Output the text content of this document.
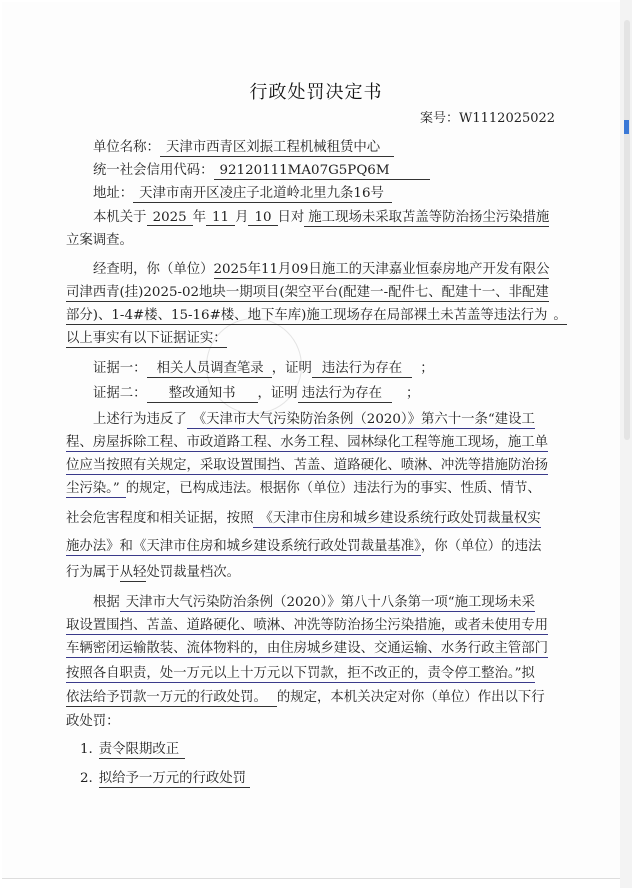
行政处罚决定书
案号：W1112025022
单位名称： 天津市西青区刘振工程机械租赁中心
统一社会信用代码： 92120111MA07G5PQ6M
地址： 天津市南开区凌庄子北道岭北里九条16号
本机关于 2025 年 11 月 10 日对 施工现场未采取苫盖等防治扬尘污染措施
立案调查。
经查明，你（单位）2025年11月09日施工的天津嘉业恒泰房地产开发有限公
司津西青(挂)2025-02地块一期项目(架空平台(配建一-配件七、配建十一、非配建
部分)、1-4#楼、15-16#楼、地下车库)施工现场存在局部裸土未苫盖等违法行为 。
以上事实有以下证据证实：
证据一： 相关人员调查笔录 ，证明 违法行为存在 ；
证据二： 整改通知书 ，证明 违法行为存在 ；
上述行为违反了 《天津市大气污染防治条例（2020）》第六十一条“建设工
程、房屋拆除工程、市政道路工程、水务工程、园林绿化工程等施工现场，施工单
位应当按照有关规定，采取设置围挡、苫盖、道路硬化、喷淋、冲洗等措施防治扬
尘污染。” 的规定，已构成违法。根据你（单位）违法行为的事实、性质、情节、
社会危害程度和相关证据，按照 《天津市住房和城乡建设系统行政处罚裁量权实
施办法》和《天津市住房和城乡建设系统行政处罚裁量基准》，你（单位）的违法
行为属于从轻处罚裁量档次。
根据 天津市大气污染防治条例（2020）》第八十八条第一项“施工现场未采
取设置围挡、苫盖、道路硬化、喷淋、冲洗等防治扬尘污染措施，或者未使用专用
车辆密闭运输散装、流体物料的，由住房城乡建设、交通运输、水务行政主管部门
按照各自职责，处一万元以上十万元以下罚款，拒不改正的，责令停工整治。”拟
依法给予罚款一万元的行政处罚。 的规定，本机关决定对你（单位）作出以下行
政处罚：
1. 责令限期改正
2. 拟给予一万元的行政处罚
